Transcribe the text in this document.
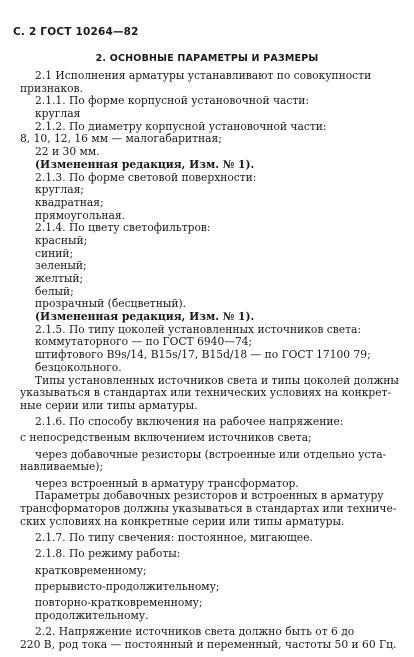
С. 2 ГОСТ 10264—82
2. ОСНОВНЫЕ ПАРАМЕТРЫ И РАЗМЕРЫ
2.1 Исполнения арматуры устанавливают по совокупности
признаков.
2.1.1. По форме корпусной установочной части:
круглая
2.1.2. По диаметру корпусной установочной части:
8, 10, 12, 16 мм — малогабаритная;
22 и 30 мм.
(Измененная редакция, Изм. № 1).
2.1.3. По форме световой поверхности:
круглая;
квадратная;
прямоугольная.
2.1.4. По цвету светофильтров:
красный;
синий;
зеленый;
желтый;
белый;
прозрачный (бесцветный).
(Измененная редакция, Изм. № 1).
2.1.5. По типу цоколей установленных источников света:
коммутаторного — по ГОСТ 6940—74;
штифтового B9s/14, B15s/17, B15d/18 — по ГОСТ 17100 79;
безцокольного.
Типы установленных источников света и типы цоколей должны
указываться в стандартах или технических условиях на конкрет-
ные серии или типы арматуры.
2.1.6. По способу включения на рабочее напряжение:
с непосредственым включением источников света;
через добавочные резисторы (встроенные или отдельно уста-
навливаемые);
через встроенный в арматуру трансформатор.
Параметры добавочных резисторов и встроенных в арматуру
трансформаторов должны указываться в стандартах или техниче-
ских условиях на конкретные серии или типы арматуры.
2.1.7. По типу свечения: постоянное, мигающее.
2.1.8. По режиму работы:
кратковременному;
прерывисто-продолжительному;
повторно-кратковременному;
продолжительному.
2.2. Напряжение источников света должно быть от 6 до
220 В, род тока — постоянный и переменный, частоты 50 и 60 Гц.
